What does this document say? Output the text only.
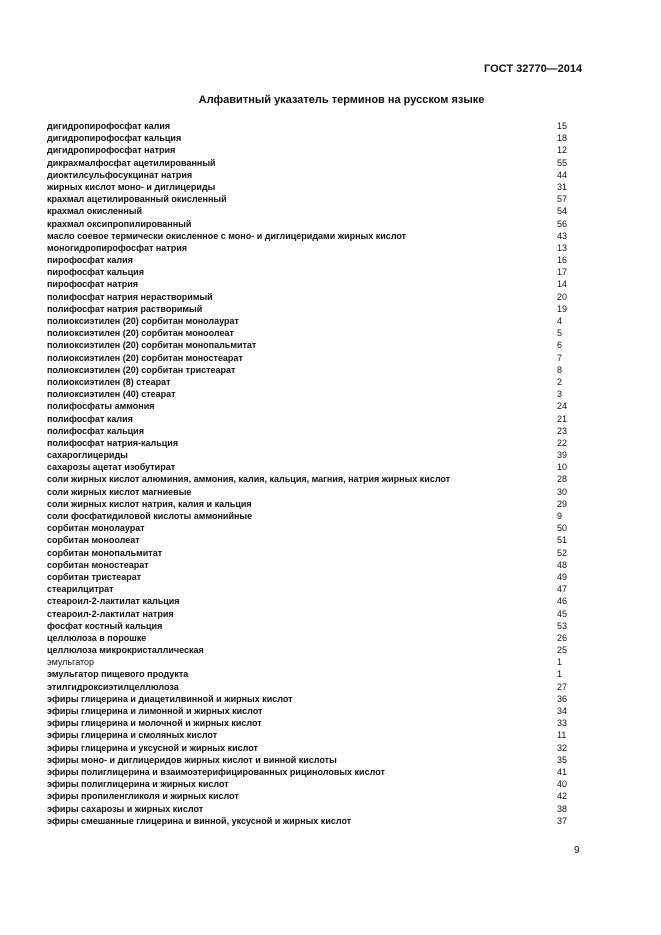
ГОСТ 32770—2014
Алфавитный указатель терминов на русском языке
дигидропирофосфат калия	15
дигидропирофосфат кальция	18
дигидропирофосфат натрия	12
дикрахмалфосфат ацетилированный	55
диоктилсульфосукцинат натрия	44
жирных кислот моно- и диглицериды	31
крахмал ацетилированный окисленный	57
крахмал окисленный	54
крахмал оксипропилированный	56
масло соевое термически окисленное с моно- и диглицеридами жирных кислот	43
моногидропирофосфат натрия	13
пирофосфат калия	16
пирофосфат кальция	17
пирофосфат натрия	14
полифосфат натрия нерастворимый	20
полифосфат натрия растворимый	19
полиоксиэтилен (20) сорбитан монолаурат	4
полиоксиэтилен (20) сорбитан моноолеат	5
полиоксиэтилен (20) сорбитан монопальмитат	6
полиоксиэтилен (20) сорбитан моностеарат	7
полиоксиэтилен (20) сорбитан тристеарат	8
полиоксиэтилен (8) стеарат	2
полиоксиэтилен (40) стеарат	3
полифосфаты аммония	24
полифосфат калия	21
полифосфат кальция	23
полифосфат натрия-кальция	22
сахароглицериды	39
сахарозы ацетат изобутират	10
соли жирных кислот алюминия, аммония, калия, кальция, магния, натрия жирных кислот	28
соли жирных кислот магниевые	30
соли жирных кислот натрия, калия и кальция	29
соли фосфатидиловой кислоты аммонийные	9
сорбитан монолаурат	50
сорбитан моноолеат	51
сорбитан монопальмитат	52
сорбитан моностеарат	48
сорбитан тристеарат	49
стеарилцитрат	47
стеароил-2-лактилат кальция	46
стеароил-2-лактилат натрия	45
фосфат костный кальция	53
целлюлоза в порошке	26
целлюлоза микрокристаллическая	25
эмульгатор	1
эмульгатор пищевого продукта	1
этилгидроксиэтилцеллюлоза	27
эфиры глицерина и диацетилвинной и жирных кислот	36
эфиры глицерина и лимонной и жирных кислот	34
эфиры глицерина и молочной и жирных кислот	33
эфиры глицерина и смоляных кислот	11
эфиры глицерина и уксусной и жирных кислот	32
эфиры моно- и диглицеридов жирных кислот и винной кислоты	35
эфиры полиглицерина и взаимоэтерифицированных рициноловых кислот	41
эфиры полиглицерина и жирных кислот	40
эфиры пропиленгликоля и жирных кислот	42
эфиры сахарозы и жирных кислот	38
эфиры смешанные глицерина и винной, уксусной и жирных кислот	37
9
